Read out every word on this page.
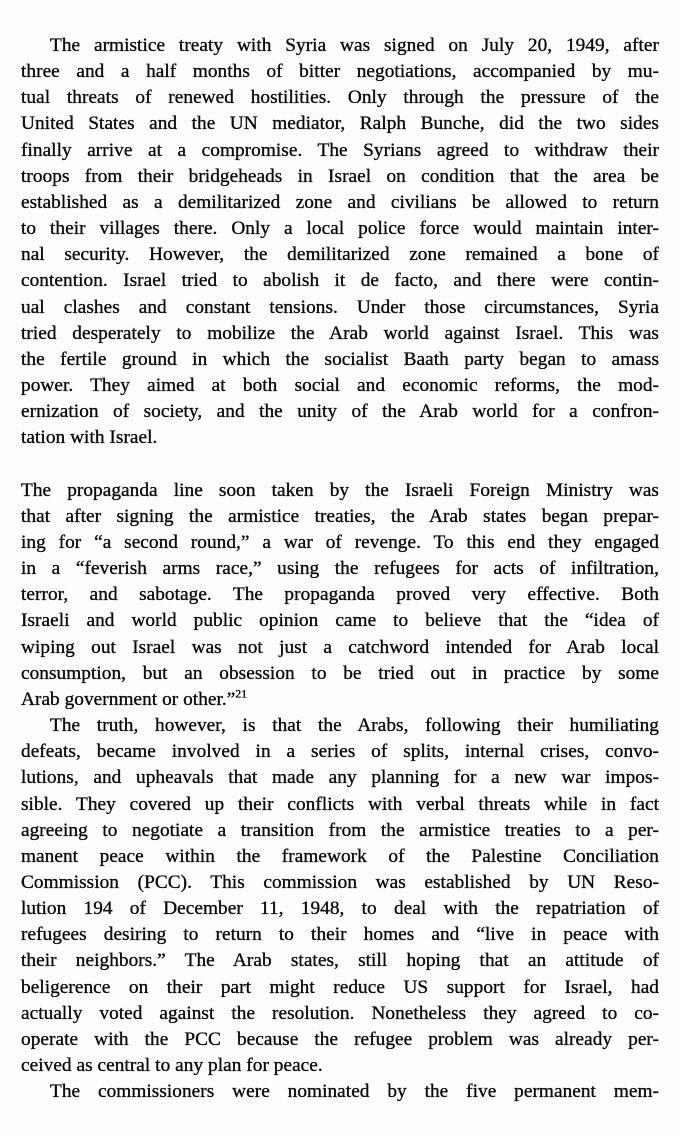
The armistice treaty with Syria was signed on July 20, 1949, after
three and a half months of bitter negotiations, accompanied by mu-
tual threats of renewed hostilities. Only through the pressure of the
United States and the UN mediator, Ralph Bunche, did the two sides
finally arrive at a compromise. The Syrians agreed to withdraw their
troops from their bridgeheads in Israel on condition that the area be
established as a demilitarized zone and civilians be allowed to return
to their villages there. Only a local police force would maintain inter-
nal security. However, the demilitarized zone remained a bone of
contention. Israel tried to abolish it de facto, and there were contin-
ual clashes and constant tensions. Under those circumstances, Syria
tried desperately to mobilize the Arab world against Israel. This was
the fertile ground in which the socialist Baath party began to amass
power. They aimed at both social and economic reforms, the mod-
ernization of society, and the unity of the Arab world for a confron-
tation with Israel.
The propaganda line soon taken by the Israeli Foreign Ministry was
that after signing the armistice treaties, the Arab states began prepar-
ing for “a second round,” a war of revenge. To this end they engaged
in a “feverish arms race,” using the refugees for acts of infiltration,
terror, and sabotage. The propaganda proved very effective. Both
Israeli and world public opinion came to believe that the “idea of
wiping out Israel was not just a catchword intended for Arab local
consumption, but an obsession to be tried out in practice by some
Arab government or other.”$^{21}$
The truth, however, is that the Arabs, following their humiliating
defeats, became involved in a series of splits, internal crises, convo-
lutions, and upheavals that made any planning for a new war impos-
sible. They covered up their conflicts with verbal threats while in fact
agreeing to negotiate a transition from the armistice treaties to a per-
manent peace within the framework of the Palestine Conciliation
Commission (PCC). This commission was established by UN Reso-
lution 194 of December 11, 1948, to deal with the repatriation of
refugees desiring to return to their homes and “live in peace with
their neighbors.” The Arab states, still hoping that an attitude of
beligerence on their part might reduce US support for Israel, had
actually voted against the resolution. Nonetheless they agreed to co-
operate with the PCC because the refugee problem was already per-
ceived as central to any plan for peace.
The commissioners were nominated by the five permanent mem-
